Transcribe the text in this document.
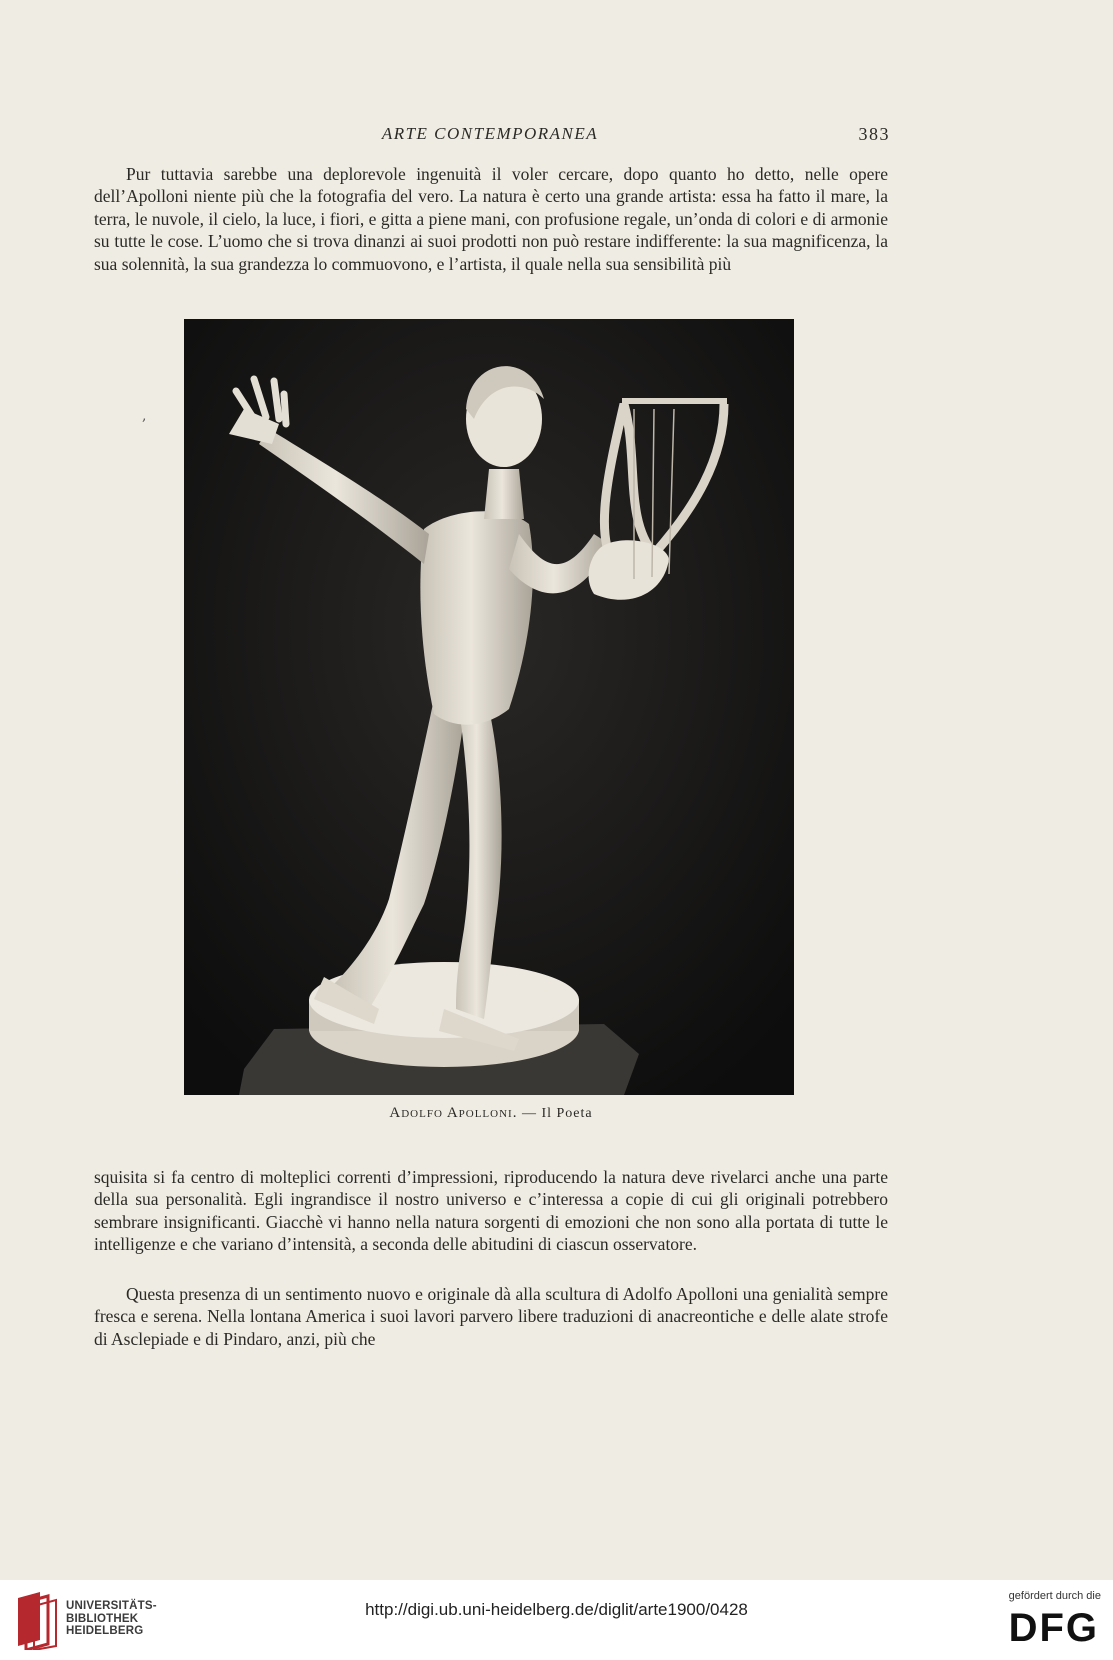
ARTE CONTEMPORANEA	383

Pur tuttavia sarebbe una deplorevole ingenuità il voler cercare, dopo quanto ho detto, nelle opere dell’Apolloni niente più che la fotografia del vero. La natura è certo una grande artista: essa ha fatto il mare, la terra, le nuvole, il cielo, la luce, i fiori, e gitta a piene mani, con profusione regale, un’onda di colori e di armonie su tutte le cose. L’uomo che si trova dinanzi ai suoi prodotti non può restare indifferente: la sua magnificenza, la sua solennità, la sua grandezza lo commuovono, e l’artista, il quale nella sua sensibilità più

,
Adolfo Apolloni. — Il Poeta

squisita si fa centro di molteplici correnti d’impressioni, riproducendo la natura deve rivelarci anche una parte della sua personalità. Egli ingrandisce il nostro universo e c’interessa a copie di cui gli originali potrebbero sembrare insignificanti. Giacchè vi hanno nella natura sorgenti di emozioni che non sono alla portata di tutte le intelligenze e che variano d’intensità, a seconda delle abitudini di ciascun osservatore.

Questa presenza di un sentimento nuovo e originale dà alla scultura di Adolfo Apolloni una genialità sempre fresca e serena. Nella lontana America i suoi lavori parvero libere traduzioni di anacreontiche e delle alate strofe di Asclepiade e di Pindaro, anzi, più che

UNIVERSITÄTS-
BIBLIOTHEK
HEIDELBERG
http://digi.ub.uni-heidelberg.de/diglit/arte1900/0428
gefördert durch die
DFG
